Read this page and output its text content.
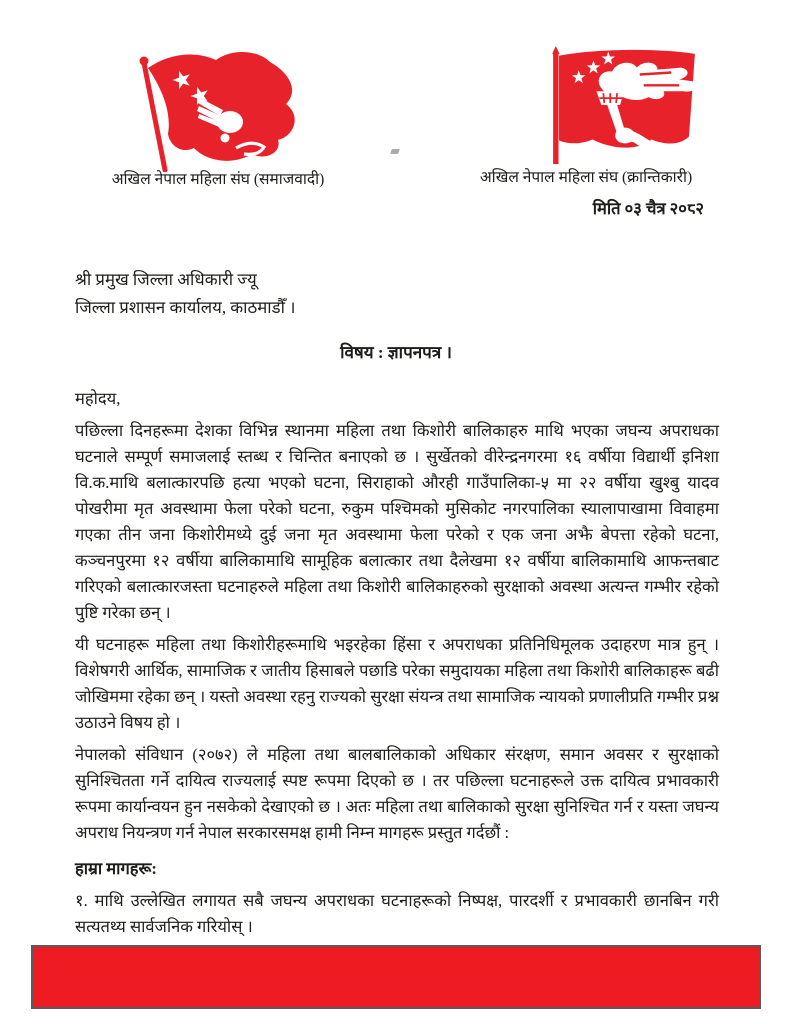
अखिल नेपाल महिला संघ (समाजवादी)	अखिल नेपाल महिला संघ (क्रान्तिकारी)
मिति ०३ चैत्र २०८२
श्री प्रमुख जिल्ला अधिकारी ज्यू
जिल्ला प्रशासन कार्यालय, काठमाडौँ ।
विषय : ज्ञापनपत्र ।

महोदय,

पछिल्ला दिनहरूमा देशका विभिन्न स्थानमा महिला तथा किशोरी बालिकाहरु माथि भएका जघन्य अपराधका घटनाले सम्पूर्ण समाजलाई स्तब्ध र चिन्तित बनाएको छ । सुर्खेतको वीरेन्द्रनगरमा १६ वर्षीया विद्यार्थी इनिशा वि.क.माथि बलात्कारपछि हत्या भएको घटना, सिराहाको औरही गाउँपालिका-५ मा २२ वर्षीया खुश्बु यादव पोखरीमा मृत अवस्थामा फेला परेको घटना, रुकुम पश्चिमको मुसिकोट नगरपालिका स्यालापाखामा विवाहमा गएका तीन जना किशोरीमध्ये दुई जना मृत अवस्थामा फेला परेको र एक जना अझै बेपत्ता रहेको घटना, कञ्चनपुरमा १२ वर्षीया बालिकामाथि सामूहिक बलात्कार तथा दैलेखमा १२ वर्षीया बालिकामाथि आफन्तबाट गरिएको बलात्कारजस्ता घटनाहरुले महिला तथा किशोरी बालिकाहरुको सुरक्षाको अवस्था अत्यन्त गम्भीर रहेको पुष्टि गरेका छन् ।

यी घटनाहरू महिला तथा किशोरीहरूमाथि भइरहेका हिंसा र अपराधका प्रतिनिधिमूलक उदाहरण मात्र हुन् । विशेषगरी आर्थिक, सामाजिक र जातीय हिसाबले पछाडि परेका समुदायका महिला तथा किशोरी बालिकाहरू बढी जोखिममा रहेका छन् । यस्तो अवस्था रहनु राज्यको सुरक्षा संयन्त्र तथा सामाजिक न्यायको प्रणालीप्रति गम्भीर प्रश्न उठाउने विषय हो ।

नेपालको संविधान (२०७२) ले महिला तथा बालबालिकाको अधिकार संरक्षण, समान अवसर र सुरक्षाको सुनिश्चितता गर्ने दायित्व राज्यलाई स्पष्ट रूपमा दिएको छ । तर पछिल्ला घटनाहरूले उक्त दायित्व प्रभावकारी रूपमा कार्यान्वयन हुन नसकेको देखाएको छ । अतः महिला तथा बालिकाको सुरक्षा सुनिश्चित गर्न र यस्ता जघन्य अपराध नियन्त्रण गर्न नेपाल सरकारसमक्ष हामी निम्न मागहरू प्रस्तुत गर्दछौं :

हाम्रा मागहरू:

१. माथि उल्लेखित लगायत सबै जघन्य अपराधका घटनाहरूको निष्पक्ष, पारदर्शी र प्रभावकारी छानबिन गरी सत्यतथ्य सार्वजनिक गरियोस् ।
